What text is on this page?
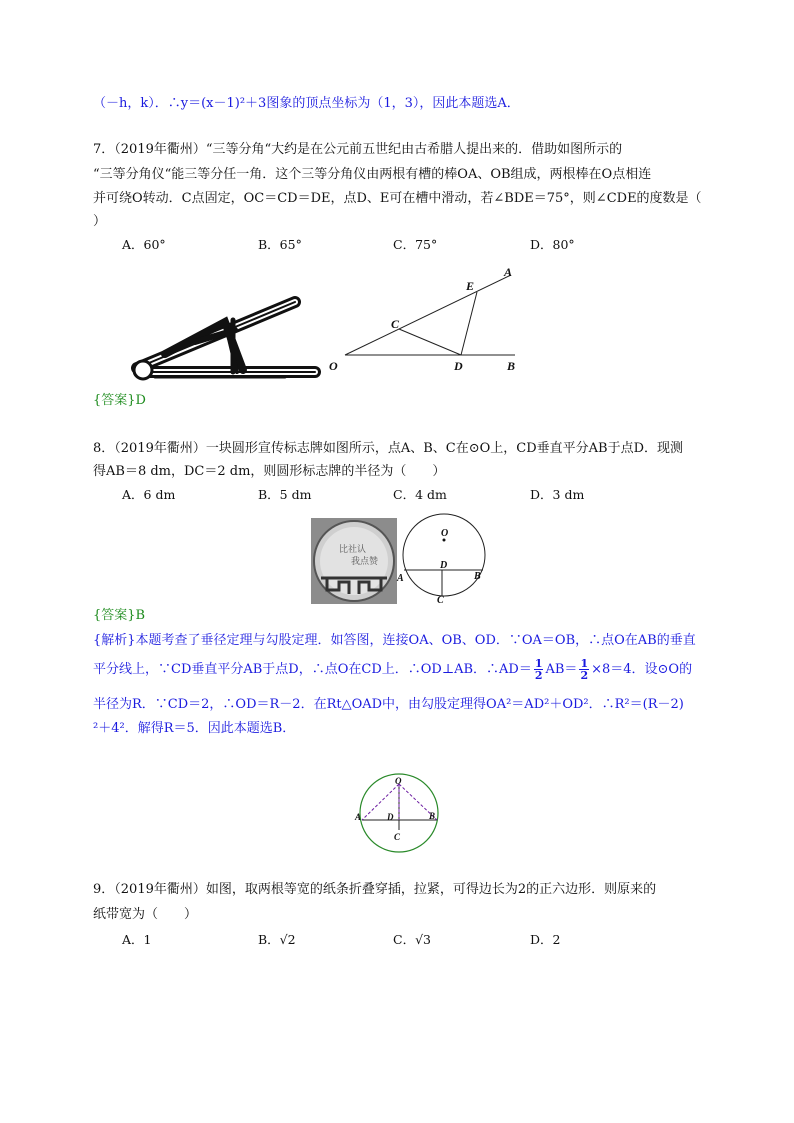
（－h，k）．∴y＝(x－1)²＋3图象的顶点坐标为（1，3），因此本题选A．
7．（2019年衢州）“三等分角“大约是在公元前五世纪由古希腊人提出来的．借助如图所示的
“三等分角仪“能三等分任一角．这个三等分角仪由两根有槽的棒OA、OB组成，两根棒在O点相连
并可绕O转动．C点固定，OC＝CD＝DE，点D、E可在槽中滑动，若∠BDE＝75°，则∠CDE的度数是（
）
A．60°	B．65°	C．75°	D．80°
A
E
C
O	D	B
{答案}D
8．（2019年衢州）一块圆形宣传标志牌如图所示，点A、B、C在⊙O上，CD垂直平分AB于点D．现测
得AB＝8 dm，DC＝2 dm，则圆形标志牌的半径为（　　）
A．6 dm	B．5 dm	C．4 dm	D．3 dm
比社认
我点赞
O
D
A	B
C
{答案}B
{解析}本题考查了垂径定理与勾股定理．如答图，连接OA、OB、OD．∵OA＝OB，∴点O在AB的垂直
平分线上，∵CD垂直平分AB于点D，∴点O在CD上．∴OD⊥AB．∴AD＝ $\frac{1}{2} AB= \frac{1}{2} \times 8=4$．设⊙O的
半径为R．∵CD＝2，∴OD＝R－2．在Rt△OAD中，由勾股定理得OA²＝AD²＋OD²．∴R²＝(R－2)
²＋4²．解得R＝5．因此本题选B．
O
A	D	B
C
9．（2019年衢州）如图，取两根等宽的纸条折叠穿插，拉紧，可得边长为2的正六边形．则原来的
纸带宽为（　　）
A．1	B．√2	C．√3	D．2
